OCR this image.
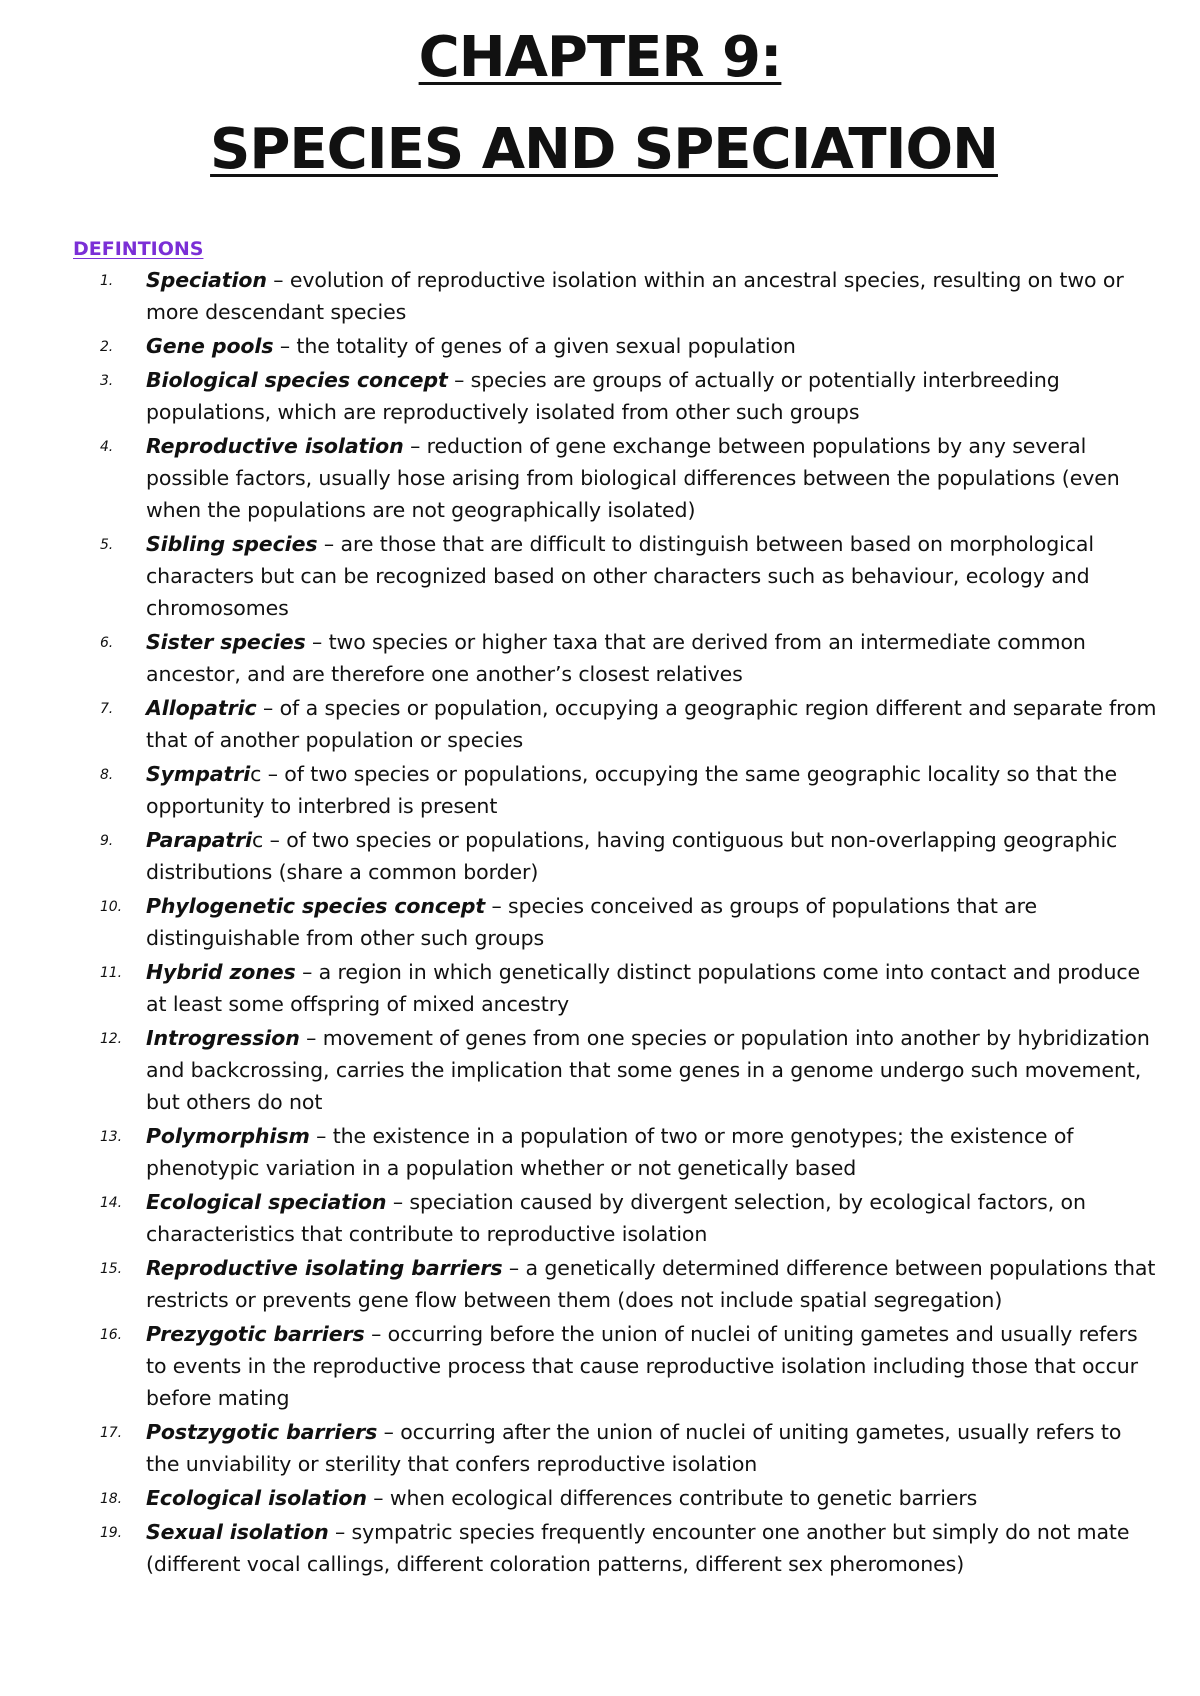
CHAPTER 9:
SPECIES AND SPECIATION
DEFINTIONS
1.	Speciation – evolution of reproductive isolation within an ancestral species, resulting on two or more descendant species
2.	Gene pools – the totality of genes of a given sexual population
3.	Biological species concept – species are groups of actually or potentially interbreeding populations, which are reproductively isolated from other such groups
4.	Reproductive isolation – reduction of gene exchange between populations by any several possible factors, usually hose arising from biological differences between the populations (even when the populations are not geographically isolated)
5.	Sibling species – are those that are difficult to distinguish between based on morphological characters but can be recognized based on other characters such as behaviour, ecology and chromosomes
6.	Sister species – two species or higher taxa that are derived from an intermediate common ancestor, and are therefore one another’s closest relatives
7.	Allopatric – of a species or population, occupying a geographic region different and separate from that of another population or species
8.	Sympatric – of two species or populations, occupying the same geographic locality so that the opportunity to interbred is present
9.	Parapatric – of two species or populations, having contiguous but non-overlapping geographic distributions (share a common border)
10.	Phylogenetic species concept – species conceived as groups of populations that are distinguishable from other such groups
11.	Hybrid zones – a region in which genetically distinct populations come into contact and produce at least some offspring of mixed ancestry
12.	Introgression – movement of genes from one species or population into another by hybridization and backcrossing, carries the implication that some genes in a genome undergo such movement, but others do not
13.	Polymorphism – the existence in a population of two or more genotypes; the existence of phenotypic variation in a population whether or not genetically based
14.	Ecological speciation – speciation caused by divergent selection, by ecological factors, on characteristics that contribute to reproductive isolation
15.	Reproductive isolating barriers – a genetically determined difference between populations that restricts or prevents gene flow between them (does not include spatial segregation)
16.	Prezygotic barriers – occurring before the union of nuclei of uniting gametes and usually refers to events in the reproductive process that cause reproductive isolation including those that occur before mating
17.	Postzygotic barriers – occurring after the union of nuclei of uniting gametes, usually refers to the unviability or sterility that confers reproductive isolation
18.	Ecological isolation – when ecological differences contribute to genetic barriers
19.	Sexual isolation – sympatric species frequently encounter one another but simply do not mate (different vocal callings, different coloration patterns, different sex pheromones)
